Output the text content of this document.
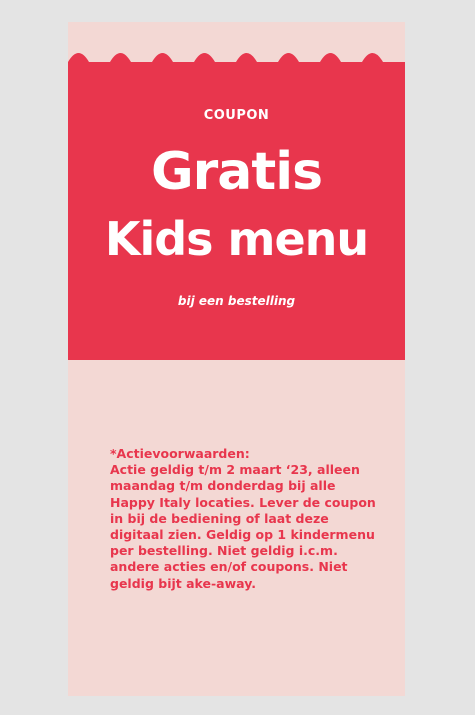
COUPON
Gratis
Kids menu
bij een bestelling

*Actievoorwaarden:

Actie geldig t/m 2 maart ‘23, alleen maandag t/m donderdag bij alle Happy Italy locaties. Lever de coupon in bij de bediening of laat deze digitaal zien. Geldig op 1 kindermenu per bestelling. Niet geldig i.c.m. andere acties en/of coupons. Niet geldig bijt ake-away.
